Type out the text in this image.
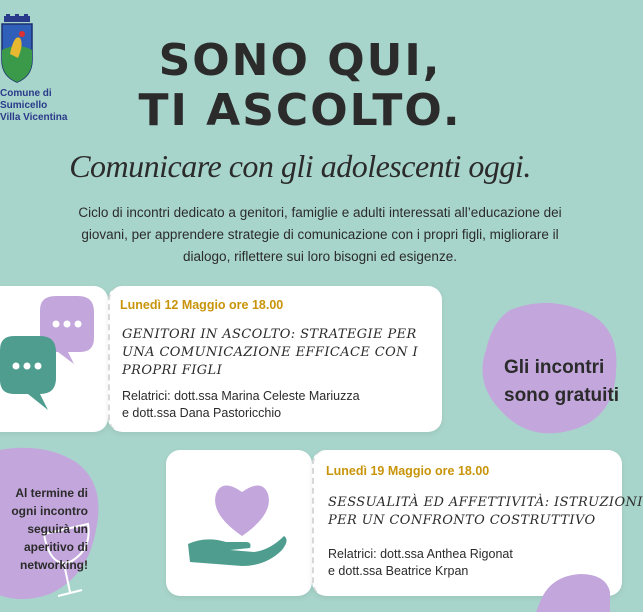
Comune di
Sumicello
Villa Vicentina
SONO QUI,
TI ASCOLTO.
Comunicare con gli adolescenti oggi.
Ciclo di incontri dedicato a genitori, famiglie e adulti interessati all’educazione dei
giovani, per apprendere strategie di comunicazione con i propri figli, migliorare il
dialogo, riflettere sui loro bisogni ed esigenze.
Lunedì 12 Maggio ore 18.00
GENITORI IN ASCOLTO: STRATEGIE PER
UNA COMUNICAZIONE EFFICACE CON I
PROPRI FIGLI
Relatrici: dott.ssa Marina Celeste Mariuzza
e dott.ssa Dana Pastoricchio
Gli incontri
sono gratuiti
Al termine di
ogni incontro
seguirà un
aperitivo di
networking!
Lunedì 19 Maggio ore 18.00
SESSUALITÀ ED AFFETTIVITÀ: ISTRUZIONI
PER UN CONFRONTO COSTRUTTIVO
Relatrici: dott.ssa Anthea Rigonat
e dott.ssa Beatrice Krpan
